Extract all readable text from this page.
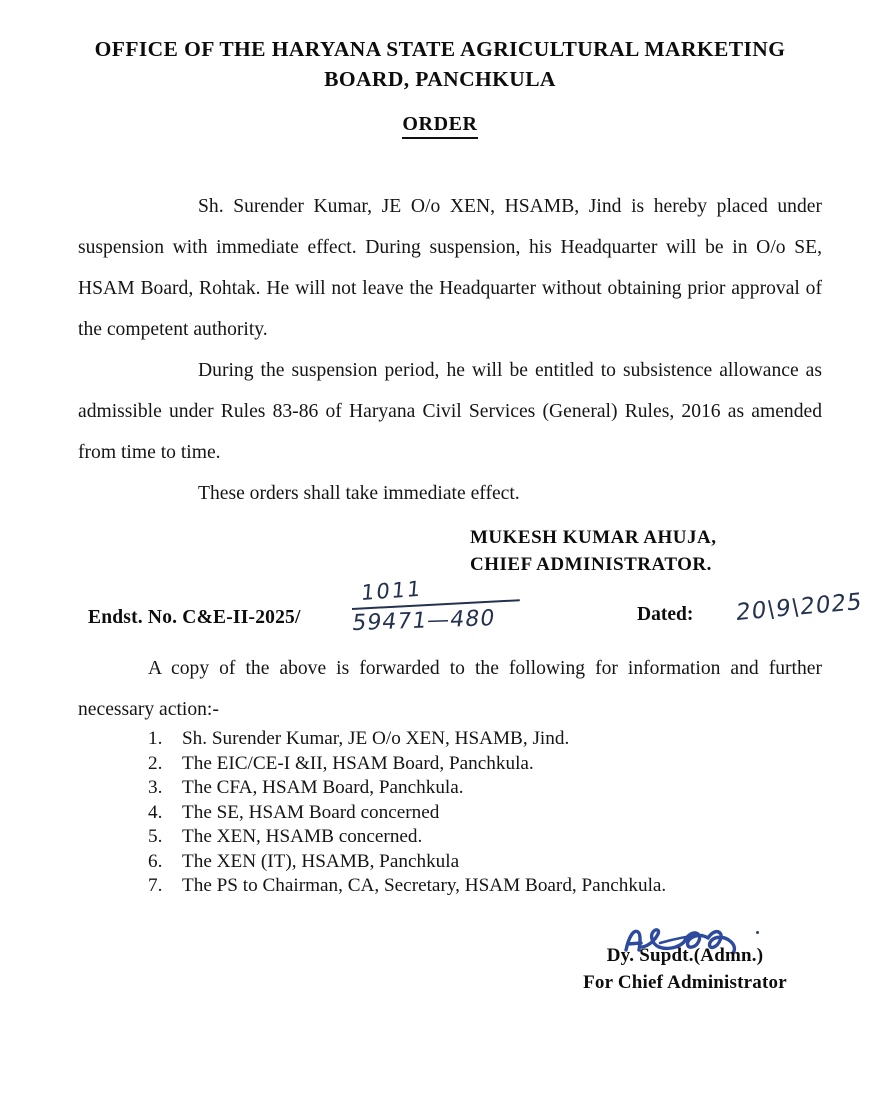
OFFICE OF THE HARYANA STATE AGRICULTURAL MARKETING
BOARD, PANCHKULA
ORDER

Sh. Surender Kumar, JE O/o XEN, HSAMB, Jind is hereby placed under suspension with immediate effect. During suspension, his Headquarter will be in O/o SE, HSAM Board, Rohtak. He will not leave the Headquarter without obtaining prior approval of the competent authority.

During the suspension period, he will be entitled to subsistence allowance as admissible under Rules 83-86 of Haryana Civil Services (General) Rules, 2016 as amended from time to time.

These orders shall take immediate effect.

MUKESH KUMAR AHUJA,
CHIEF ADMINISTRATOR.
Endst. No. C&E-II-2025/
1011
59471—480	Dated: 20\9\2025

A copy of the above is forwarded to the following for information and further necessary action:-

1. Sh. Surender Kumar, JE O/o XEN, HSAMB, Jind.
2. The EIC/CE-I &II, HSAM Board, Panchkula.
3. The CFA, HSAM Board, Panchkula.
4. The SE, HSAM Board concerned
5. The XEN, HSAMB concerned.
6. The XEN (IT), HSAMB, Panchkula
7. The PS to Chairman, CA, Secretary, HSAM Board, Panchkula.
Dy. Supdt.(Admn.)
For Chief Administrator
